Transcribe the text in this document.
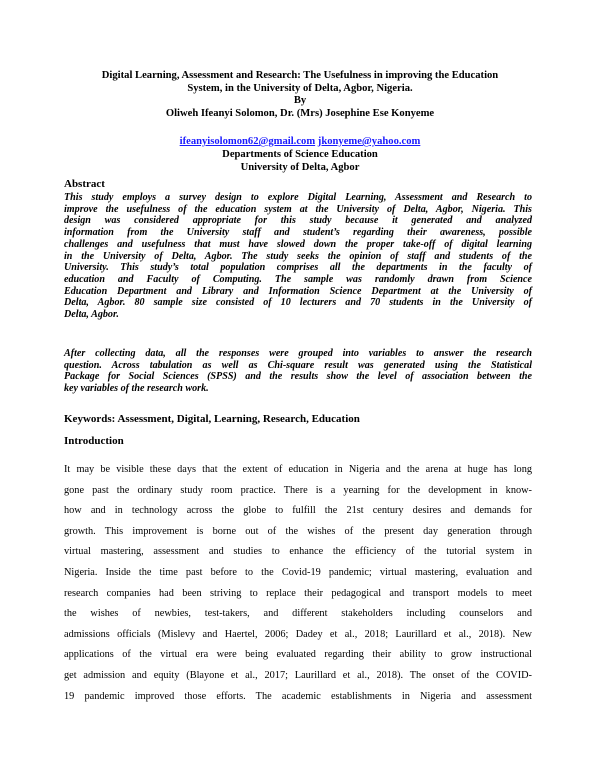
Digital Learning, Assessment and Research: The Usefulness in improving the Education
System, in the University of Delta, Agbor, Nigeria.
By
Oliweh Ifeanyi Solomon, Dr. (Mrs) Josephine Ese Konyeme
ifeanyisolomon62@gmail.com jkonyeme@yahoo.com
Departments of Science Education
University of Delta, Agbor
Abstract
This study employs a survey design to explore Digital Learning, Assessment and Research to
improve the usefulness of the education system at the University of Delta, Agbor, Nigeria. This
design was considered appropriate for this study because it generated and analyzed
information from the University staff and student’s regarding their awareness, possible
challenges and usefulness that must have slowed down the proper take-off of digital learning
in the University of Delta, Agbor. The study seeks the opinion of staff and students of the
University. This study’s total population comprises all the departments in the faculty of
education and Faculty of Computing. The sample was randomly drawn from Science
Education Department and Library and Information Science Department at the University of
Delta, Agbor. 80 sample size consisted of 10 lecturers and 70 students in the University of
Delta, Agbor.
After collecting data, all the responses were grouped into variables to answer the research
question. Across tabulation as well as Chi-square result was generated using the Statistical
Package for Social Sciences (SPSS) and the results show the level of association between the
key variables of the research work.
Keywords: Assessment, Digital, Learning, Research, Education
Introduction
It may be visible these days that the extent of education in Nigeria and the arena at huge has long
gone past the ordinary study room practice. There is a yearning for the development in know-
how and in technology across the globe to fulfill the 21st century desires and demands for
growth. This improvement is borne out of the wishes of the present day generation through
virtual mastering, assessment and studies to enhance the efficiency of the tutorial system in
Nigeria. Inside the time past before to the Covid-19 pandemic; virtual mastering, evaluation and
research companies had been striving to replace their pedagogical and transport models to meet
the wishes of newbies, test-takers, and different stakeholders including counselors and
admissions officials (Mislevy and Haertel, 2006; Dadey et al., 2018; Laurillard et al., 2018). New
applications of the virtual era were being evaluated regarding their ability to grow instructional
get admission and equity (Blayone et al., 2017; Laurillard et al., 2018). The onset of the COVID-
19 pandemic improved those efforts. The academic establishments in Nigeria and assessment
